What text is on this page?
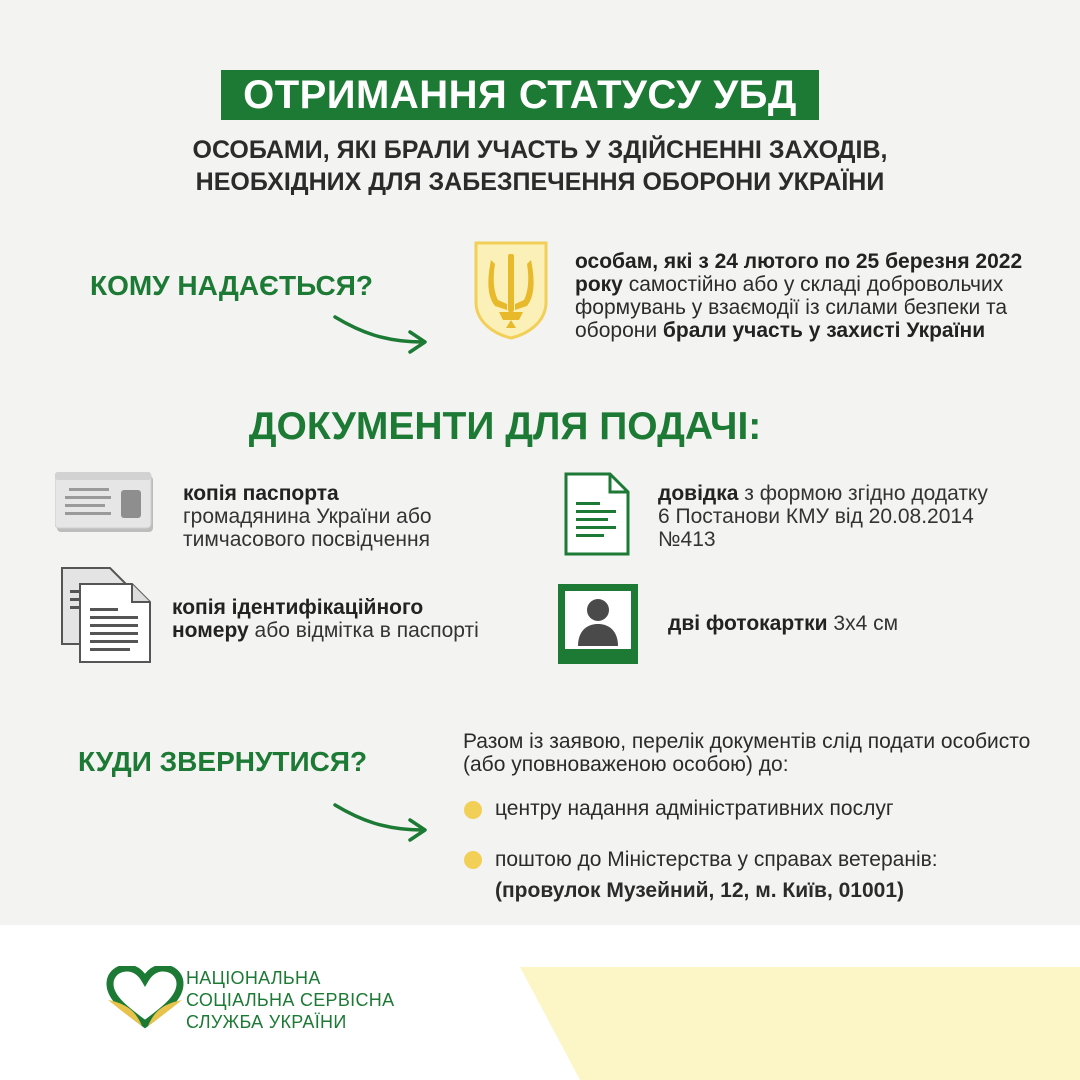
ОТРИМАННЯ СТАТУСУ УБД
ОСОБАМИ, ЯКІ БРАЛИ УЧАСТЬ У ЗДІЙСНЕННІ ЗАХОДІВ,
НЕОБХІДНИХ ДЛЯ ЗАБЕЗПЕЧЕННЯ ОБОРОНИ УКРАЇНИ
КОМУ НАДАЄТЬСЯ?
особам, які з 24 лютого по 25 березня 2022 року самостійно або у складі добровольчих формувань у взаємодії із силами безпеки та оборони брали участь у захисті України
ДОКУМЕНТИ ДЛЯ ПОДАЧІ:
копія паспорта
громадянина України або тимчасового посвідчення
довідка з формою згідно додатку 6 Постанови КМУ від 20.08.2014 №413
копія ідентифікаційного номеру або відмітка в паспорті	дві фотокартки 3х4 см
КУДИ ЗВЕРНУТИСЯ?
Разом із заявою, перелік документів слід подати особисто (або уповноваженою особою) до:
центру надання адміністративних послуг
поштою до Міністерства у справах ветеранів:
(провулок Музейний, 12, м. Київ, 01001)
НАЦІОНАЛЬНА
СОЦІАЛЬНА СЕРВІСНА
СЛУЖБА УКРАЇНИ
